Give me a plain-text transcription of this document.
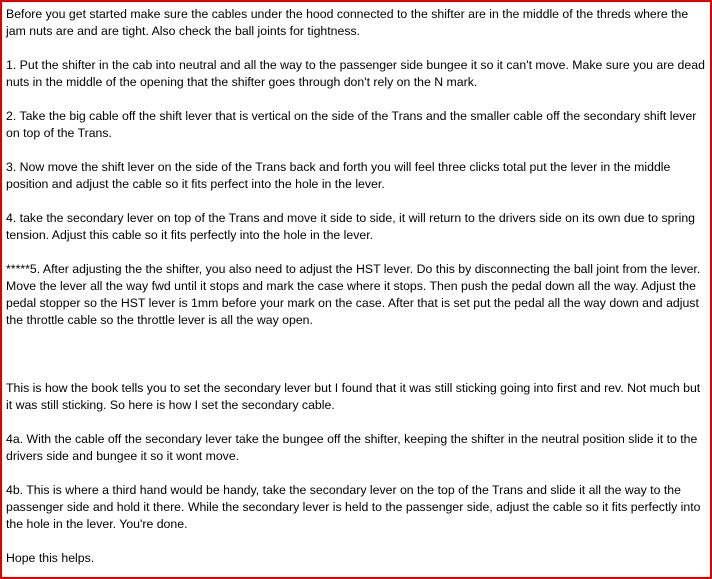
Before you get started make sure the cables under the hood connected to the shifter are in the middle of the threds where the jam nuts are and are tight. Also check the ball joints for tightness.

1. Put the shifter in the cab into neutral and all the way to the passenger side bungee it so it can't move. Make sure you are dead nuts in the middle of the opening that the shifter goes through don't rely on the N mark.

2. Take the big cable off the shift lever that is vertical on the side of the Trans and the smaller cable off the secondary shift lever on top of the Trans.

3. Now move the shift lever on the side of the Trans back and forth you will feel three clicks total put the lever in the middle position and adjust the cable so it fits perfect into the hole in the lever.

4. take the secondary lever on top of the Trans and move it side to side, it will return to the drivers side on its own due to spring tension. Adjust this cable so it fits perfectly into the hole in the lever.

*****5. After adjusting the the shifter, you also need to adjust the HST lever. Do this by disconnecting the ball joint from the lever. Move the lever all the way fwd until it stops and mark the case where it stops. Then push the pedal down all the way. Adjust the pedal stopper so the HST lever is 1mm before your mark on the case. After that is set put the pedal all the way down and adjust the throttle cable so the throttle lever is all the way open.

This is how the book tells you to set the secondary lever but I found that it was still sticking going into first and rev. Not much but it was still sticking. So here is how I set the secondary cable.

4a. With the cable off the secondary lever take the bungee off the shifter, keeping the shifter in the neutral position slide it to the drivers side and bungee it so it wont move.

4b. This is where a third hand would be handy, take the secondary lever on the top of the Trans and slide it all the way to the passenger side and hold it there. While the secondary lever is held to the passenger side, adjust the cable so it fits perfectly into the hole in the lever. You're done.

Hope this helps.
